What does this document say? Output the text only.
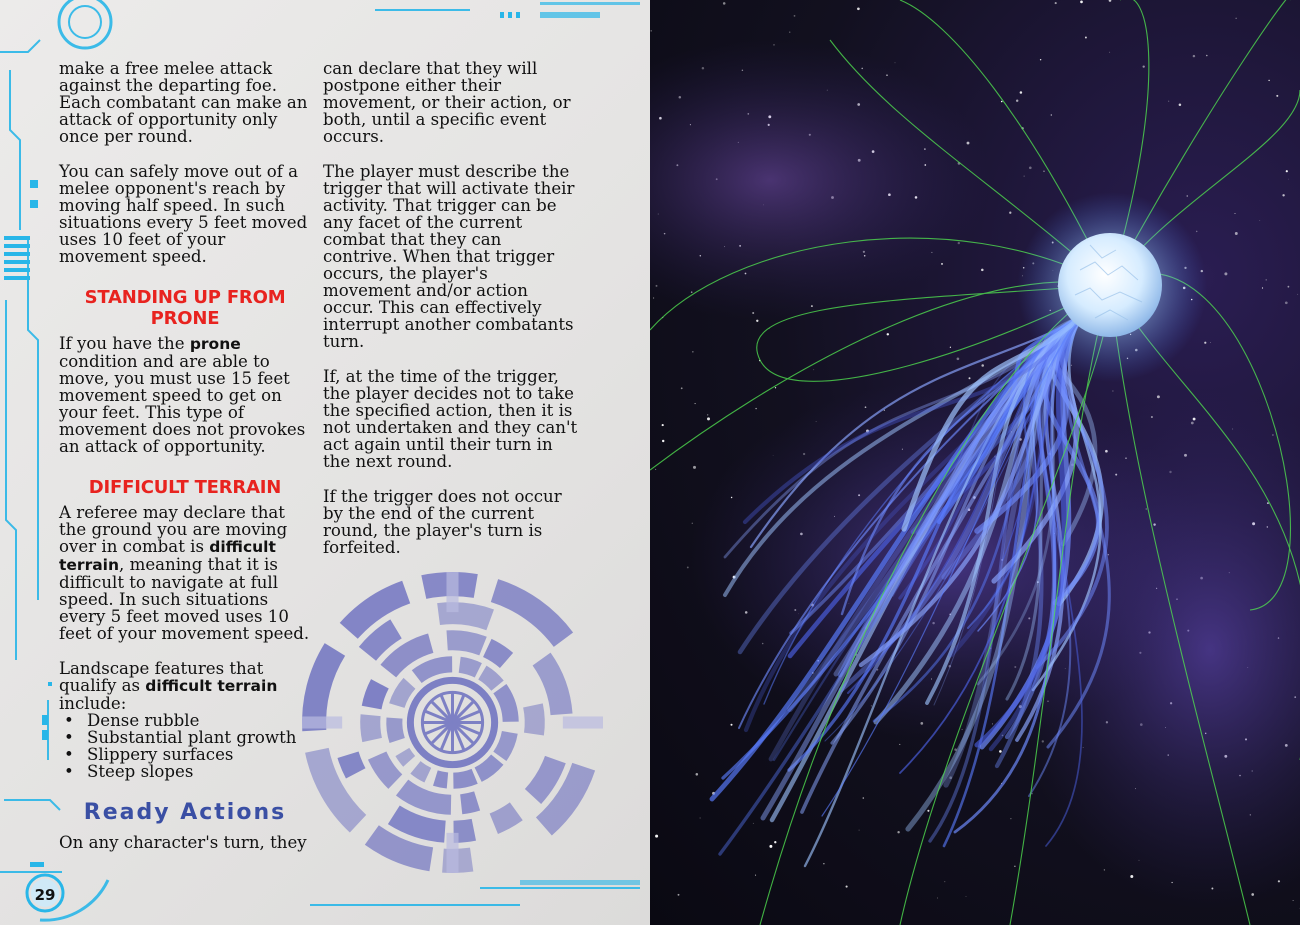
make a free melee attack against the departing foe. Each combatant can make an attack of opportunity only once per round.

You can safely move out of a melee opponent's reach by moving half speed. In such situations every 5 feet moved uses 10 feet of your movement speed.

STANDING UP FROM PRONE

If you have the prone condition and are able to move, you must use 15 feet movement speed to get on your feet. This type of movement does not provokes an attack of opportunity.

DIFFICULT TERRAIN

A referee may declare that the ground you are moving over in combat is difficult terrain, meaning that it is difficult to navigate at full speed. In such situations every 5 feet moved uses 10 feet of your movement speed.

Landscape features that qualify as difficult terrain include:

• Dense rubble
• Substantial plant growth
• Slippery surfaces
• Steep slopes
Ready Actions

On any character's turn, they

can declare that they will postpone either their movement, or their action, or both, until a specific event occurs.

The player must describe the trigger that will activate their activity. That trigger can be any facet of the current combat that they can contrive. When that trigger occurs, the player's movement and/or action occur. This can effectively interrupt another combatants turn.

If, at the time of the trigger, the player decides not to take the specified action, then it is not undertaken and they can't act again until their turn in the next round.

If the trigger does not occur by the end of the current round, the player's turn is forfeited.

29
